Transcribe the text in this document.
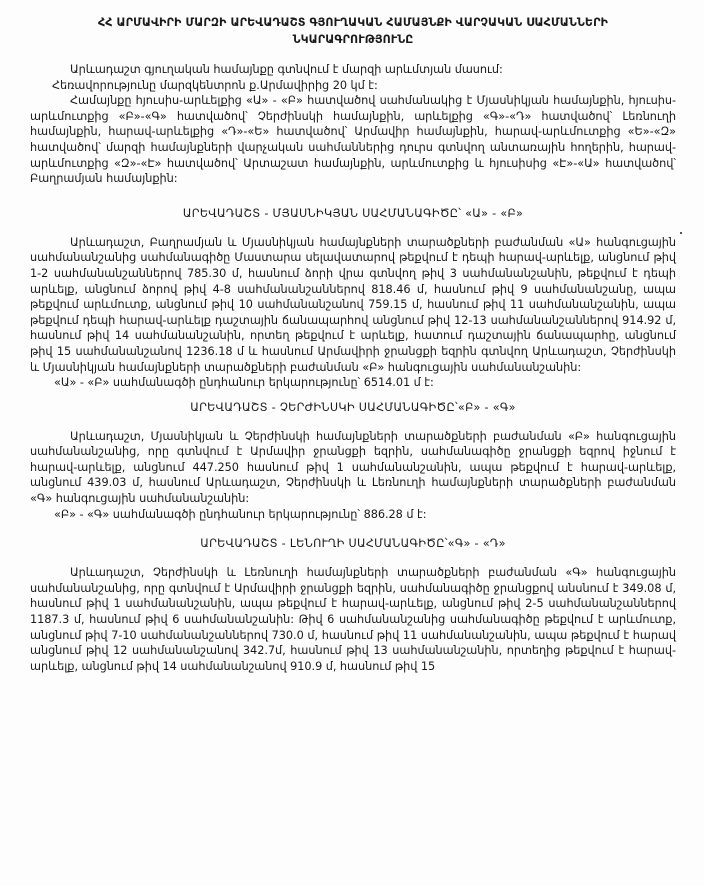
ՀՀ ԱՐՄԱՎԻՐԻ ՄԱՐԶԻ ԱՐԵՎԱԴԱՇՏ ԳՅՈՒՂԱԿԱՆ ՀԱՄԱՅՆՔԻ ՎԱՐՉԱԿԱՆ ՍԱՀՄԱՆՆԵՐԻ
ՆԿԱՐԱԳՐՈՒԹՅՈՒՆԸ

Արևադաշտ գյուղական համայնքը գտնվում է մարզի արևմտյան մասում:

Հեռավորությունը մարզկենտրոն ք.Արմավիրից 20 կմ է:

Համայնքը հյուսիս-արևելքից «Ա» - «Բ» հատվածով սահմանակից է Մյասնիկյան համայնքին, հյուսիս-արևմուտքից «Բ»-«Գ» հատվածով՝ Չերժինսկի համայնքին, արևելքից «Գ»-«Դ» հատվածով՝ Լեռնուղի համայնքին, հարավ-արևելքից «Դ»-«Ե» հատվածով՝ Արմավիր համայնքին, հարավ-արևմուտքից «Ե»-«Զ» հատվածով՝ մարզի համայնքների վարչական սահմաններից դուրս գտնվող անտառային հողերին, հարավ-արևմուտքից «Զ»-«Է» հատվածով՝ Արտաշատ համայնքին, արևմուտքից և հյուսիսից «Է»-«Ա» հատվածով՝ Բաղրամյան համայնքին:

ԱՐԵՎԱԴԱՇՏ - ՄՅԱՍՆԻԿՅԱՆ ՍԱՀՄԱՆԱԳԻԾԸ՝ «Ա» - «Բ»

Արևադաշտ, Բաղրամյան և Մյասնիկյան համայնքների տարածքների բաժանման «Ա» հանգուցային սահմանանշանից սահմանագիծը Մաստարա սելավատարով թեքվում է դեպի հարավ-արևելք, անցնում թիվ 1-2 սահմանանշաններով 785.30 մ, հասնում ձորի վրա գտնվող թիվ 3 սահմանանշանին, թեքվում է դեպի արևելք, անցնում ձորով թիվ 4-8 սահմանանշաններով 818.46 մ, հասնում թիվ 9 սահմանանշանը, ապա թեքվում արևմուտք, անցնում թիվ 10 սահմանանշանով 759.15 մ, հասնում թիվ 11 սահմանանշանին, ապա թեքվում դեպի հարավ-արևելք դաշտային ճանապարհով անցնում թիվ 12-13 սահմանանշաններով 914.92 մ, հասնում թիվ 14 սահմանանշանին, որտեղ թեքվում է արևելք, հատում դաշտային ճանապարհը, անցնում թիվ 15 սահմանանշանով 1236.18 մ և հասնում Արմավիրի ջրանցքի եզրին գտնվող Արևադաշտ, Չերժինսկի և Մյասնիկյան համայնքների տարածքների բաժանման «Բ» հանգուցային սահմանանշանին:

«Ա» - «Բ» սահմանագծի ընդհանուր երկարությունը՝ 6514.01 մ է:

ԱՐԵՎԱԴԱՇՏ - ՉԵՐԺԻՆՍԿԻ ՍԱՀՄԱՆԱԳԻԾԸ՝«Բ» - «Գ»

Արևադաշտ, Մյասնիկյան և Չերժինսկի համայնքների տարածքների բաժանման «Բ» հանգուցային սահմանանշանից, որը գտնվում է Արմավիր ջրանցքի եզրին, սահմանագիծը ջրանցքի եզրով իջնում է հարավ-արևելք, անցնում 447.250 հասնում թիվ 1 սահմանանշանին, ապա թեքվում է հարավ-արևելք, անցնում 439.03 մ, հասնում Արևադաշտ, Չերժինսկի և Լեռնուղի համայնքների տարածքների բաժանման «Գ» հանգուցային սահմանանշանին:

«Բ» - «Գ» սահմանագծի ընդհանուր երկարությունը՝ 886.28 մ է:

ԱՐԵՎԱԴԱՇՏ - ԼԵՆՈՒՂԻ ՍԱՀՄԱՆԱԳԻԾԸ՝«Գ» - «Դ»

Արևադաշտ, Չերժինսկի և Լեռնուղի համայնքների տարածքների բաժանման «Գ» հանգուցային սահմանանշանից, որը գտնվում է Արմավիրի ջրանցքի եզրին, սահմանագիծը ջրանցքով անսնում է 349.08 մ, հասնում թիվ 1 սահմանանշանին, ապա թեքվում է հարավ-արևելք, անցնում թիվ 2-5 սահմանանշաններով 1187.3 մ, հասնում թիվ 6 սահմանանշանին: Թիվ 6 սահմանանշանից սահմանագիծը թեքվում է արևմուտք, անցնում թիվ 7-10 սահմանանշաններով 730.0 մ, հասնում թիվ 11 սահմանանշանին, ապա թեքվում է հարավ անցնում թիվ 12 սահմանանշանով 342.7մ, հասնում թիվ 13 սահմանանշանին, որտեղից թեքվում է հարավ-արևելք, անցնում թիվ 14 սահմանանշանով 910.9 մ, հասնում թիվ 15
